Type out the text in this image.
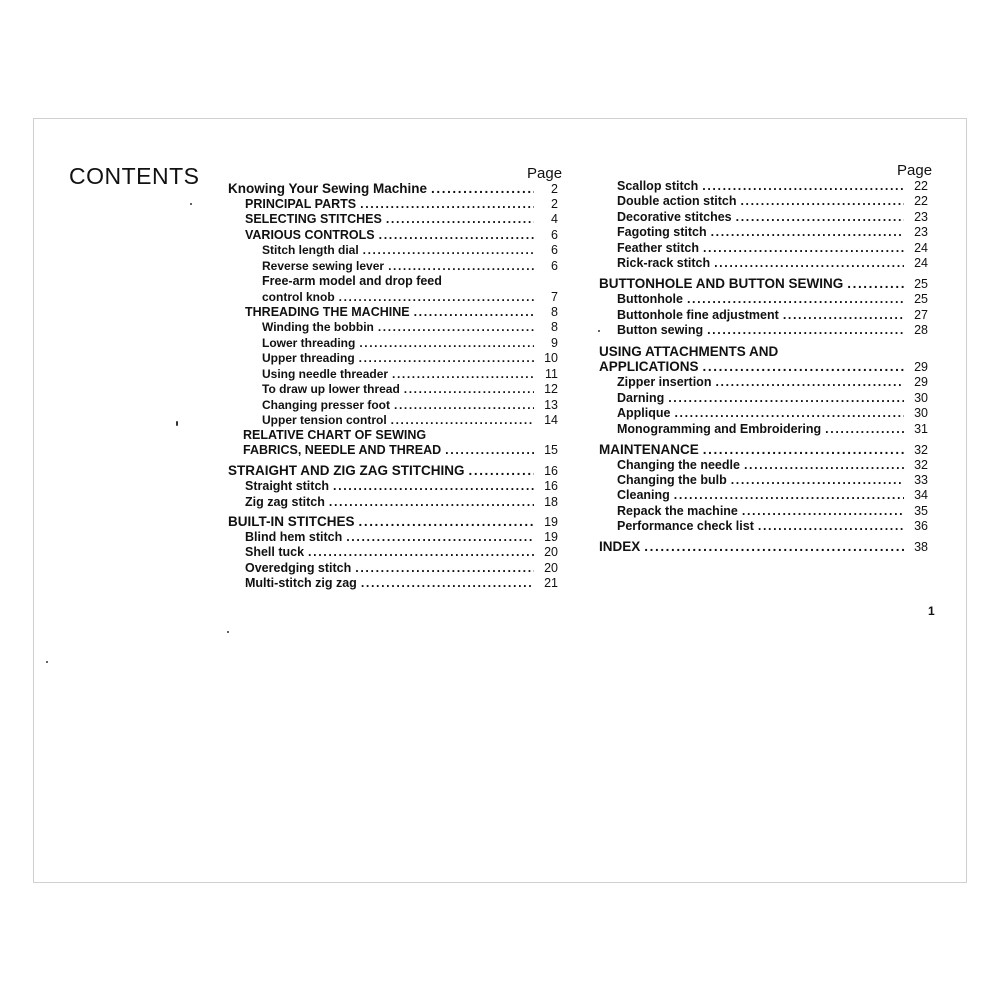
CONTENTS	Page	Page
Knowing Your Sewing Machine .....	2
PRINCIPAL PARTS .....	2
SELECTING STITCHES .....	4
VARIOUS CONTROLS .....	6
Stitch length dial .....	6
Reverse sewing lever .....	6
Free-arm model and drop feed
control knob .....	7
THREADING THE MACHINE .....	8
Winding the bobbin .....	8
Lower threading .....	9
Upper threading .....	10
Using needle threader .....	11
To draw up lower thread .....	12
Changing presser foot .....	13
Upper tension control .....	14
RELATIVE CHART OF SEWING
FABRICS, NEEDLE AND THREAD .....	15
STRAIGHT AND ZIG ZAG STITCHING .....	16
Straight stitch .....	16
Zig zag stitch .....	18
BUILT-IN STITCHES .....	19
Blind hem stitch .....	19
Shell tuck .....	20
Overedging stitch .....	20
Multi-stitch zig zag .....	21
Scallop stitch .....	22
Double action stitch .....	22
Decorative stitches .....	23
Fagoting stitch .....	23
Feather stitch .....	24
Rick-rack stitch .....	24
BUTTONHOLE AND BUTTON SEWING .....	25
Buttonhole .....	25
Buttonhole fine adjustment .....	27
Button sewing .....	28
USING ATTACHMENTS AND
APPLICATIONS .....	29
Zipper insertion .....	29
Darning .....	30
Applique .....	30
Monogramming and Embroidering .....	31
MAINTENANCE .....	32
Changing the needle .....	32
Changing the bulb .....	33
Cleaning .....	34
Repack the machine .....	35
Performance check list .....	36
INDEX .....	38
1
